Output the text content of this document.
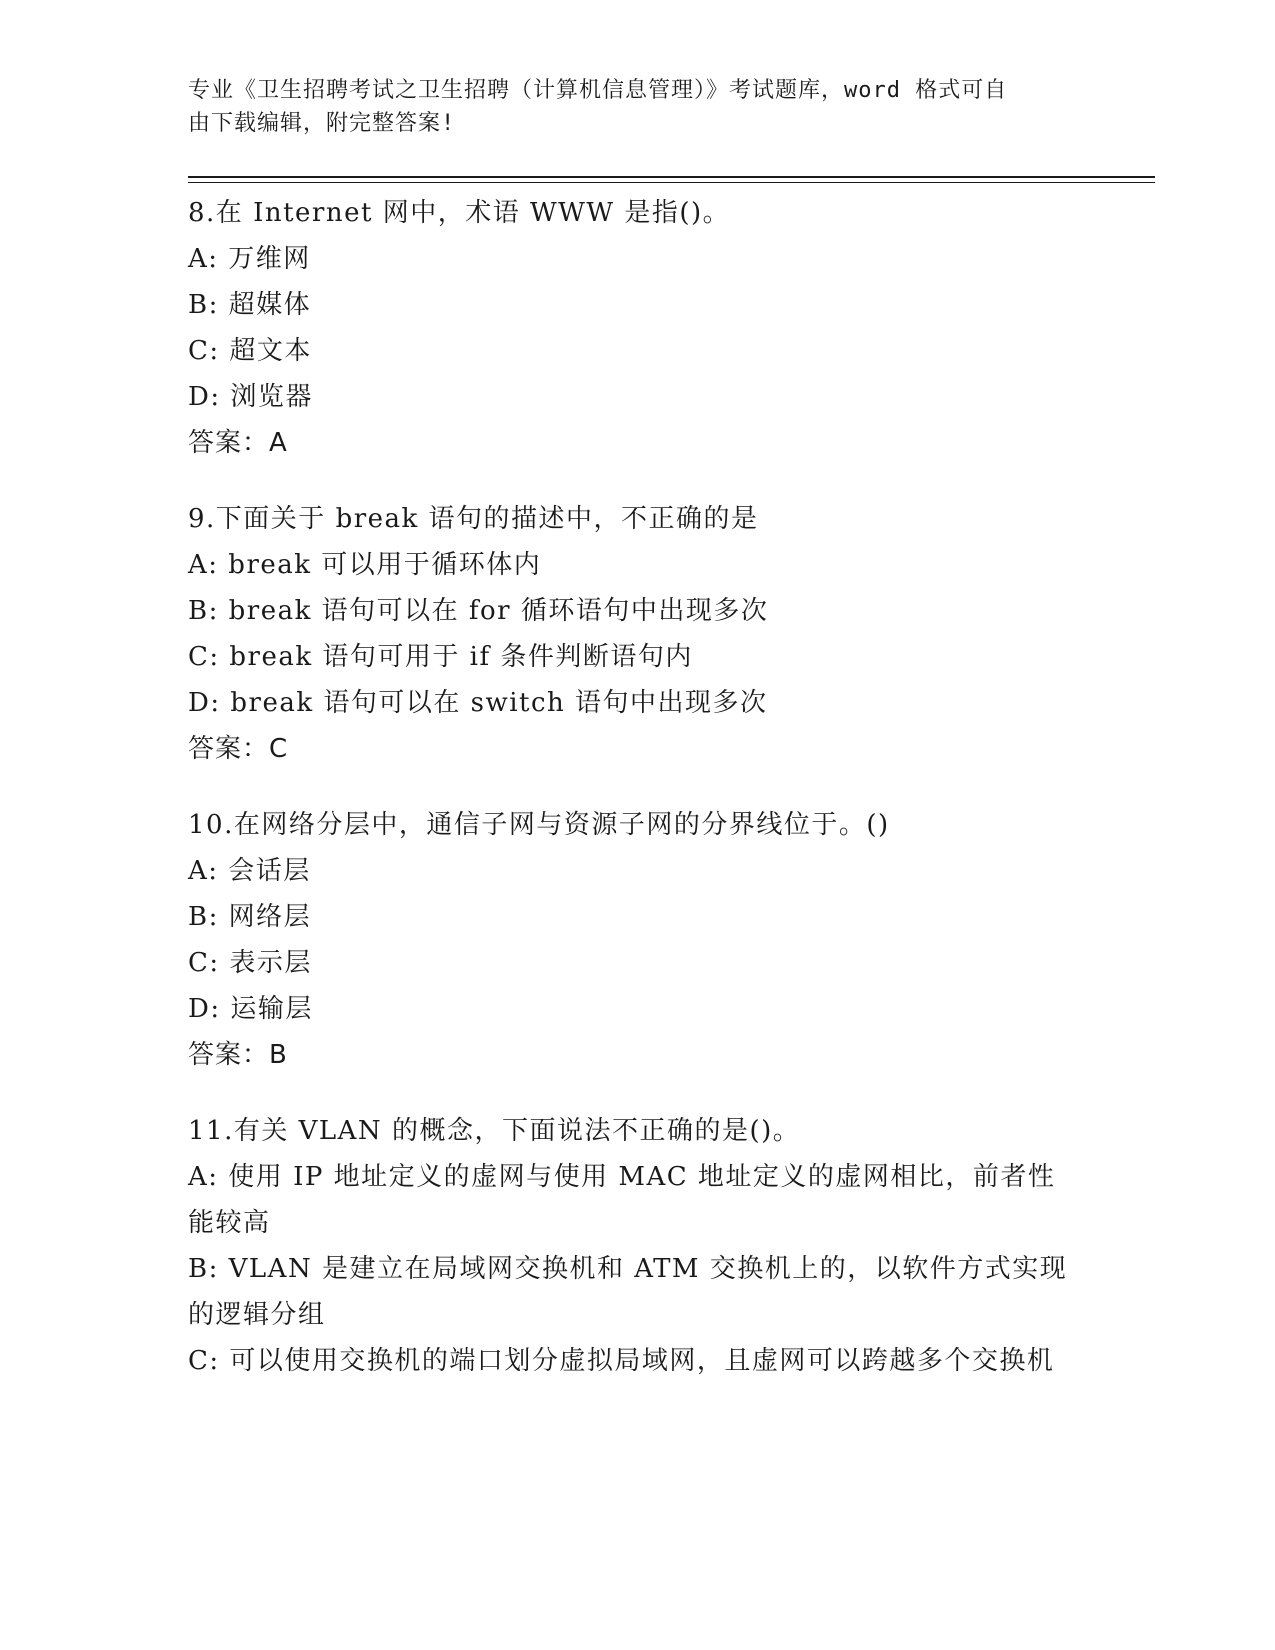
专业《卫生招聘考试之卫生招聘（计算机信息管理）》考试题库，word 格式可自
由下载编辑，附完整答案!
8.在 Internet 网中，术语 WWW 是指()。
A: 万维网
B: 超媒体
C: 超文本
D: 浏览器
答案：A
9.下面关于 break 语句的描述中，不正确的是
A: break 可以用于循环体内
B: break 语句可以在 for 循环语句中出现多次
C: break 语句可用于 if 条件判断语句内
D: break 语句可以在 switch 语句中出现多次
答案：C
10.在网络分层中，通信子网与资源子网的分界线位于。()
A: 会话层
B: 网络层
C: 表示层
D: 运输层
答案：B
11.有关 VLAN 的概念，下面说法不正确的是()。
A: 使用 IP 地址定义的虚网与使用 MAC 地址定义的虚网相比，前者性能较高
B: VLAN 是建立在局域网交换机和 ATM 交换机上的，以软件方式实现的逻辑分组
C: 可以使用交换机的端口划分虚拟局域网，且虚网可以跨越多个交换机
